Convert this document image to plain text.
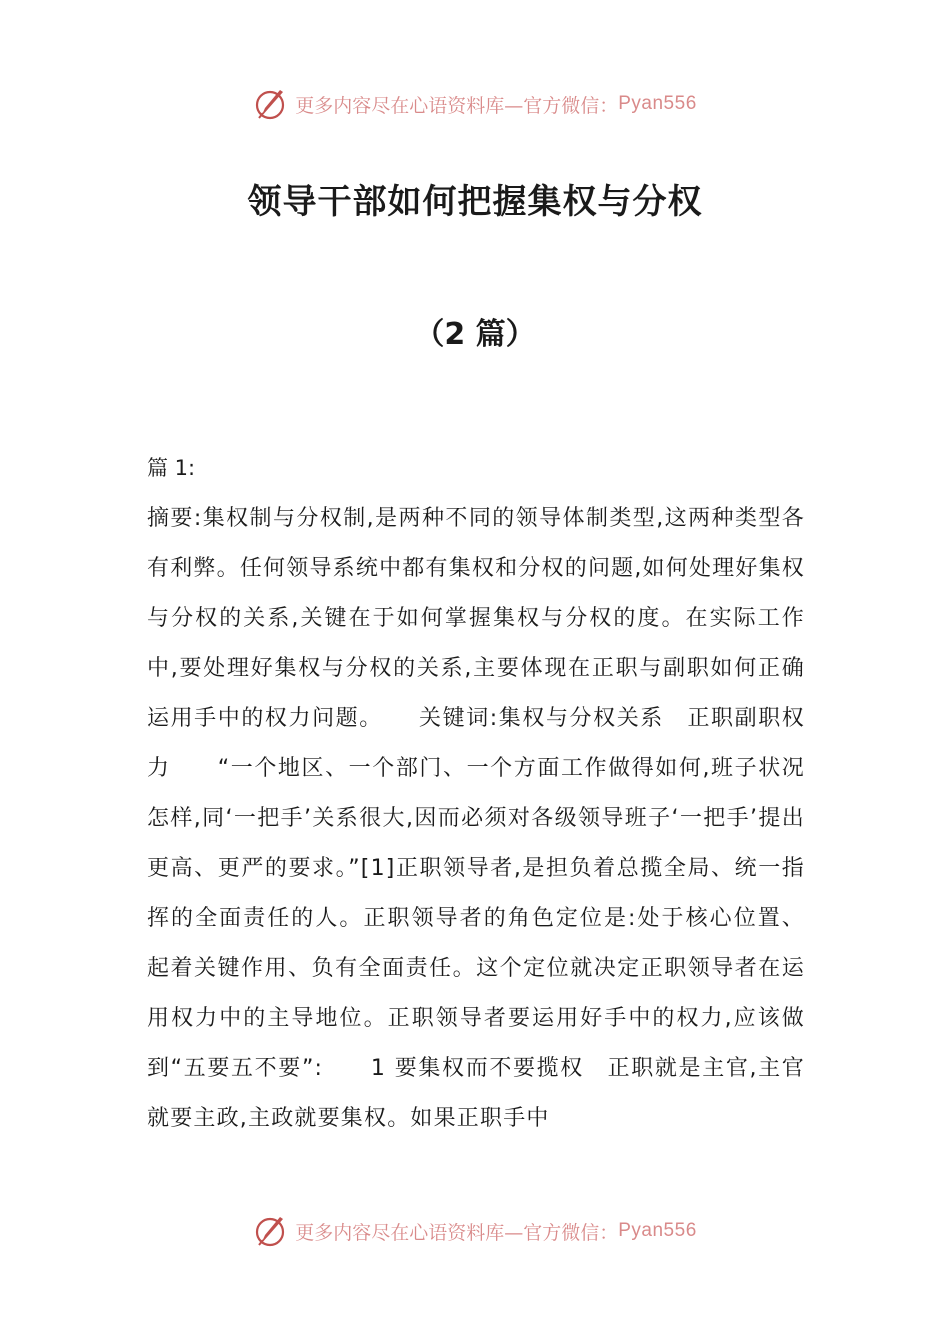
更多内容尽在心语资料库—官方微信： Pyan556
领导干部如何把握集权与分权
（2 篇）
篇 1:
摘要:集权制与分权制,是两种不同的领导体制类型,这两种类型各有利弊。任何领导系统中都有集权和分权的问题,如何处理好集权与分权的关系,关键在于如何掌握集权与分权的度。在实际工作中,要处理好集权与分权的关系,主要体现在正职与副职如何正确运用手中的权力问题。　　关键词:集权与分权关系　正职副职权力　　“一个地区、一个部门、一个方面工作做得如何,班子状况怎样,同‘一把手’关系很大,因而必须对各级领导班子‘一把手’提出更高、更严的要求。”[1]正职领导者,是担负着总揽全局、统一指挥的全面责任的人。正职领导者的角色定位是:处于核心位置、起着关键作用、负有全面责任。这个定位就决定正职领导者在运用权力中的主导地位。正职领导者要运用好手中的权力,应该做到“五要五不要”:　　1 要集权而不要揽权　正职就是主官,主官就要主政,主政就要集权。如果正职手中
更多内容尽在心语资料库—官方微信： Pyan556
